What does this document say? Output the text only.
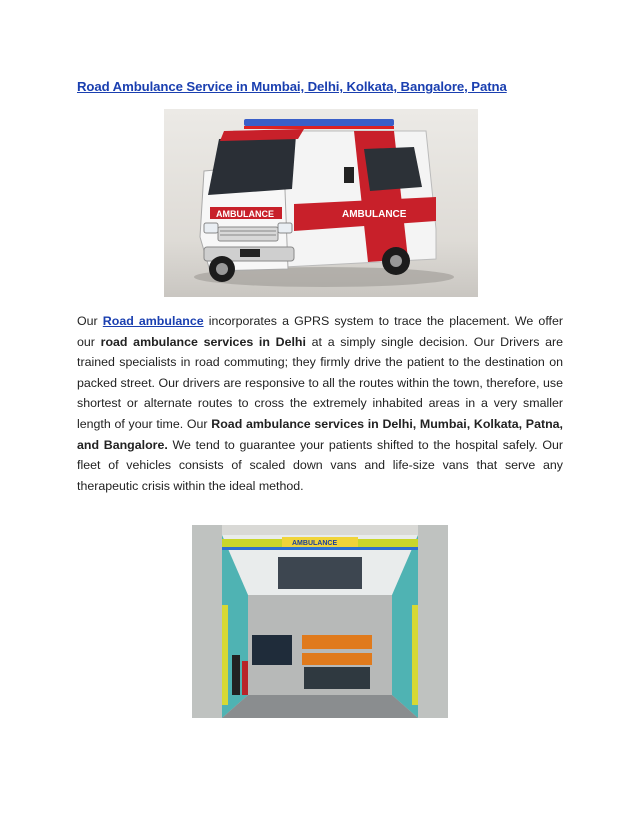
Road Ambulance Service in Mumbai, Delhi, Kolkata, Bangalore, Patna
AMBULANCE
AMBULANCE
Our Road ambulance incorporates a GPRS system to trace the placement. We offer our road ambulance services in Delhi at a simply single decision. Our Drivers are trained specialists in road commuting; they firmly drive the patient to the destination on packed street. Our drivers are responsive to all the routes within the town, therefore, use shortest or alternate routes to cross the extremely inhabited areas in a very smaller length of your time. Our Road ambulance services in Delhi, Mumbai, Kolkata, Patna, and Bangalore. We tend to guarantee your patients shifted to the hospital safely. Our fleet of vehicles consists of scaled down vans and life-size vans that serve any therapeutic crisis within the ideal method.
AMBULANCE
